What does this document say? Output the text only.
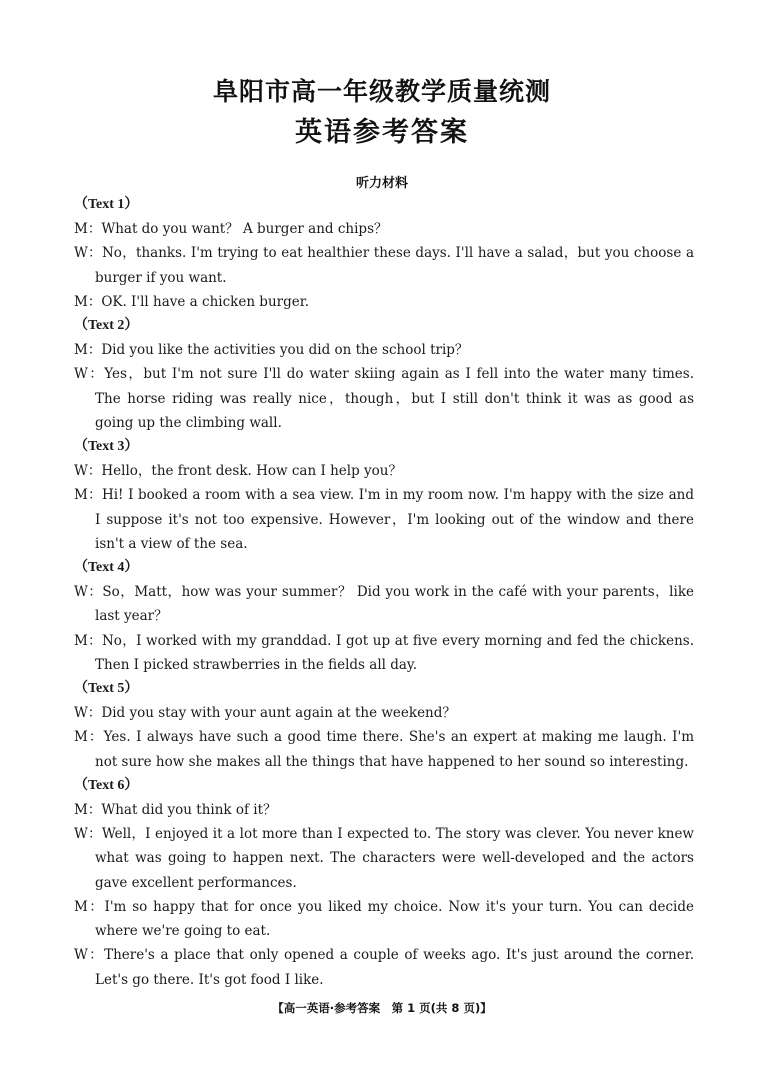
阜阳市高一年级教学质量统测
英语参考答案
听力材料
（Text 1）
M：What do you want？ A burger and chips？
W：No，thanks. I'm trying to eat healthier these days. I'll have a salad，but you choose a burger if you want.
M：OK. I'll have a chicken burger.
（Text 2）
M：Did you like the activities you did on the school trip？
W：Yes，but I'm not sure I'll do water skiing again as I fell into the water many times. The horse riding was really nice，though，but I still don't think it was as good as going up the climbing wall.
（Text 3）
W：Hello，the front desk. How can I help you？
M：Hi! I booked a room with a sea view. I'm in my room now. I'm happy with the size and I suppose it's not too expensive. However，I'm looking out of the window and there isn't a view of the sea.
（Text 4）
W：So，Matt，how was your summer？ Did you work in the café with your parents，like last year？
M：No，I worked with my granddad. I got up at five every morning and fed the chickens. Then I picked strawberries in the fields all day.
（Text 5）
W：Did you stay with your aunt again at the weekend？
M：Yes. I always have such a good time there. She's an expert at making me laugh. I'm not sure how she makes all the things that have happened to her sound so interesting.
（Text 6）
M：What did you think of it？
W：Well，I enjoyed it a lot more than I expected to. The story was clever. You never knew what was going to happen next. The characters were well-developed and the actors gave excellent performances.
M：I'm so happy that for once you liked my choice. Now it's your turn. You can decide where we're going to eat.
W：There's a place that only opened a couple of weeks ago. It's just around the corner. Let's go there. It's got food I like.
【高一英语·参考答案　第 1 页(共 8 页)】
